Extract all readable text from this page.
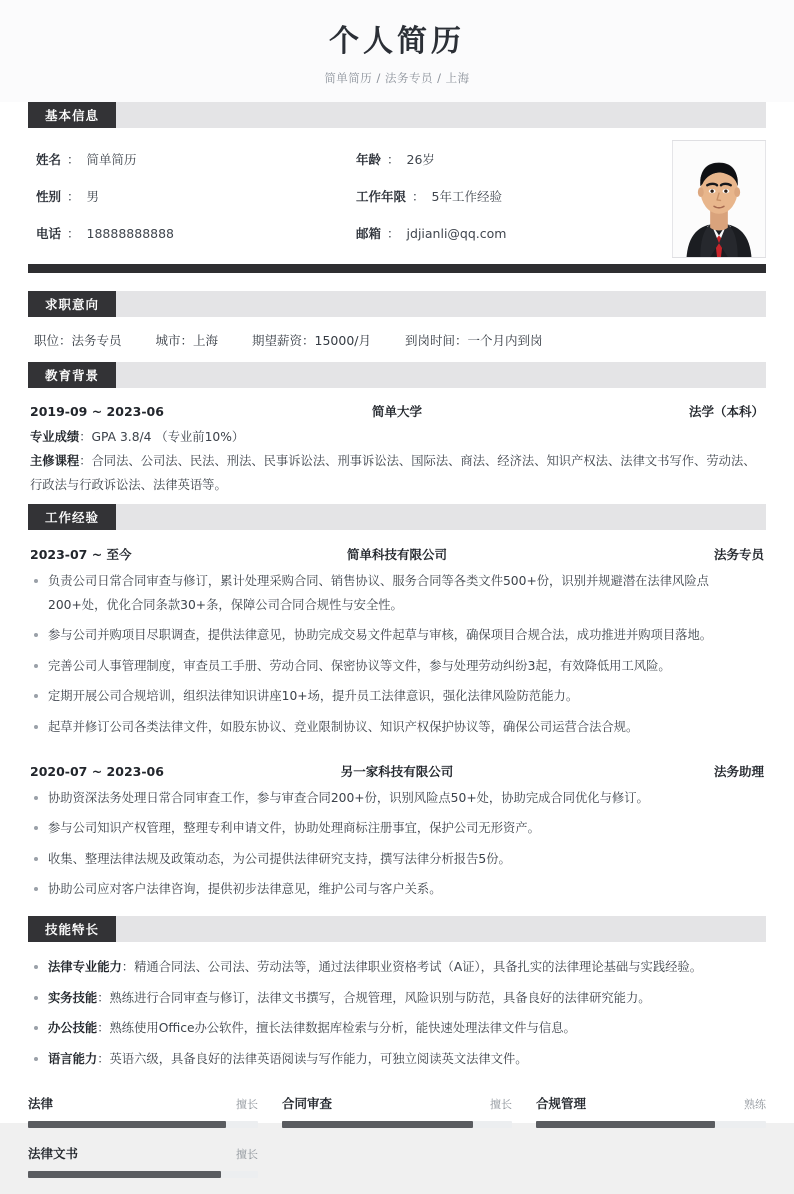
个人简历
简单简历 / 法务专员 / 上海
基本信息
姓名 ： 简单简历	年龄 ： 26岁
性别 ： 男	工作年限 ： 5年工作经验
电话 ： 18888888888	邮箱 ： jdjianli@qq.com
求职意向
职位：法务专员	城市：上海	期望薪资：15000/月	到岗时间：一个月内到岗
教育背景
2019-09 ~ 2023-06	简单大学	法学（本科）
专业成绩：GPA 3.8/4 （专业前10%）
主修课程：合同法、公司法、民法、刑法、民事诉讼法、刑事诉讼法、国际法、商法、经济法、知识产权法、法律文书写作、劳动法、行政法与行政诉讼法、法律英语等。
工作经验
2023-07 ~ 至今	简单科技有限公司	法务专员
负责公司日常合同审查与修订，累计处理采购合同、销售协议、服务合同等各类文件500+份，识别并规避潜在法律风险点200+处，优化合同条款30+条，保障公司合同合规性与安全性。
参与公司并购项目尽职调查，提供法律意见，协助完成交易文件起草与审核，确保项目合规合法，成功推进并购项目落地。
完善公司人事管理制度，审查员工手册、劳动合同、保密协议等文件，参与处理劳动纠纷3起，有效降低用工风险。
定期开展公司合规培训，组织法律知识讲座10+场，提升员工法律意识，强化法律风险防范能力。
起草并修订公司各类法律文件，如股东协议、竞业限制协议、知识产权保护协议等，确保公司运营合法合规。
2020-07 ~ 2023-06	另一家科技有限公司	法务助理
协助资深法务处理日常合同审查工作，参与审查合同200+份，识别风险点50+处，协助完成合同优化与修订。
参与公司知识产权管理，整理专利申请文件，协助处理商标注册事宜，保护公司无形资产。
收集、整理法律法规及政策动态，为公司提供法律研究支持，撰写法律分析报告5份。
协助公司应对客户法律咨询，提供初步法律意见，维护公司与客户关系。
技能特长
法律专业能力：精通合同法、公司法、劳动法等，通过法律职业资格考试（A证），具备扎实的法律理论基础与实践经验。
实务技能：熟练进行合同审查与修订，法律文书撰写，合规管理，风险识别与防范，具备良好的法律研究能力。
办公技能：熟练使用Office办公软件，擅长法律数据库检索与分析，能快速处理法律文件与信息。
语言能力：英语六级，具备良好的法律英语阅读与写作能力，可独立阅读英文法律文件。
法律	擅长 合同审查	擅长 合规管理	熟练
法律文书	擅长
